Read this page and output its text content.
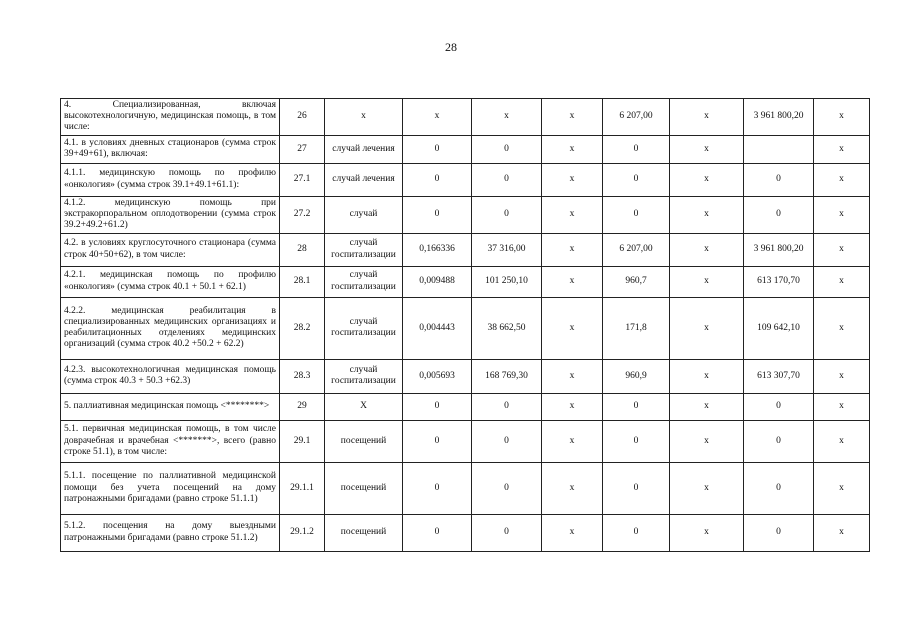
28
4. Специализированная, включая высокотехнологичную, медицинская помощь, в том числе:	26	х	х	х	х	6 207,00	х	3 961 800,20	х
4.1. в условиях дневных стационаров (сумма строк 39+49+61), включая:	27	случай лечения	0	0	х	0	х		х
4.1.1. медицинскую помощь по профилю «онкология» (сумма строк 39.1+49.1+61.1):	27.1	случай лечения	0	0	х	0	х	0	х
4.1.2. медицинскую помощь при экстракорпоральном оплодотворении (сумма строк 39.2+49.2+61.2)	27.2	случай	0	0	х	0	х	0	х
4.2. в условиях круглосуточного стационара (сумма строк 40+50+62), в том числе:	28	случай госпитализации	0,166336	37 316,00	х	6 207,00	х	3 961 800,20	х
4.2.1. медицинская помощь по профилю «онкология» (сумма строк 40.1 + 50.1 + 62.1)	28.1	случай госпитализации	0,009488	101 250,10	х	960,7	х	613 170,70	х
4.2.2. медицинская реабилитация в специализированных медицинских организациях и реабилитационных отделениях медицинских организаций (сумма строк 40.2 +50.2 + 62.2)	28.2	случай госпитализации	0,004443	38 662,50	х	171,8	х	109 642,10	х
4.2.3. высокотехнологичная медицинская помощь (сумма строк 40.3 + 50.3 +62.3)	28.3	случай госпитализации	0,005693	168 769,30	х	960,9	х	613 307,70	х
5. паллиативная медицинская помощь <********>	29	Х	0	0	х	0	х	0	х
5.1. первичная медицинская помощь, в том числе доврачебная и врачебная <*******>, всего (равно строке 51.1), в том числе:	29.1	посещений	0	0	х	0	х	0	х
5.1.1. посещение по паллиативной медицинской помощи без учета посещений на дому патронажными бригадами (равно строке 51.1.1)	29.1.1	посещений	0	0	х	0	х	0	х
5.1.2. посещения на дому выездными патронажными бригадами (равно строке 51.1.2)	29.1.2	посещений	0	0	х	0	х	0	х
